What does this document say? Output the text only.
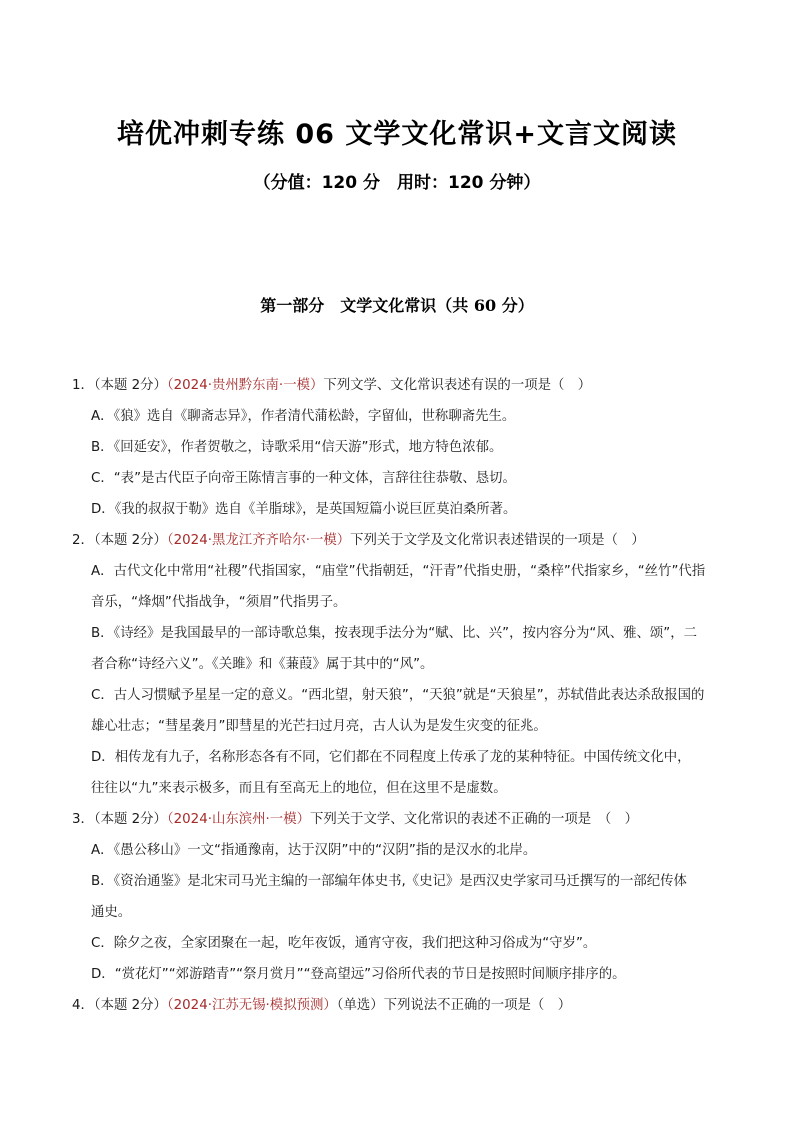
培优冲刺专练 06 文学文化常识+文言文阅读
（分值：120 分　用时：120 分钟）
第一部分　文学文化常识（共 60 分）
1．（本题 2分）（2024·贵州黔东南·一模）下列文学、文化常识表述有误的一项是（　）
A．《狼》选自《聊斋志异》，作者清代蒲松龄，字留仙，世称聊斋先生。
B．《回延安》，作者贺敬之，诗歌采用“信天游”形式，地方特色浓郁。
C．“表”是古代臣子向帝王陈情言事的一种文体，言辞往往恭敬、恳切。
D．《我的叔叔于勒》选自《羊脂球》，是英国短篇小说巨匠莫泊桑所著。
2．（本题 2分）（2024·黑龙江齐齐哈尔·一模）下列关于文学及文化常识表述错误的一项是（　）
A．古代文化中常用“社稷”代指国家，“庙堂”代指朝廷，“汗青”代指史册，“桑梓”代指家乡，“丝竹”代指
音乐，“烽烟”代指战争，“须眉”代指男子。
B．《诗经》是我国最早的一部诗歌总集，按表现手法分为“赋、比、兴”，按内容分为“风、雅、颂”，二
者合称“诗经六义”。《关雎》和《蒹葭》属于其中的“风”。
C．古人习惯赋予星星一定的意义。“西北望，射天狼”，“天狼”就是“天狼星”，苏轼借此表达杀敌报国的
雄心壮志；“彗星袭月”即彗星的光芒扫过月亮，古人认为是发生灾变的征兆。
D．相传龙有九子，名称形态各有不同，它们都在不同程度上传承了龙的某种特征。中国传统文化中，
往往以“九”来表示极多，而且有至高无上的地位，但在这里不是虚数。
3．（本题 2分）（2024·山东滨州·一模）下列关于文学、文化常识的表述不正确的一项是　（　）
A．《愚公移山》一文“指通豫南，达于汉阴”中的“汉阴”指的是汉水的北岸。
B．《资治通鉴》是北宋司马光主编的一部编年体史书,《史记》是西汉史学家司马迁撰写的一部纪传体
通史。
C．除夕之夜，全家团聚在一起，吃年夜饭，通宵守夜，我们把这种习俗成为“守岁”。
D．“赏花灯”“郊游踏青”“祭月赏月”“登高望远”习俗所代表的节日是按照时间顺序排序的。
4．（本题 2分）（2024·江苏无锡·模拟预测）（单选）下列说法不正确的一项是（　）
